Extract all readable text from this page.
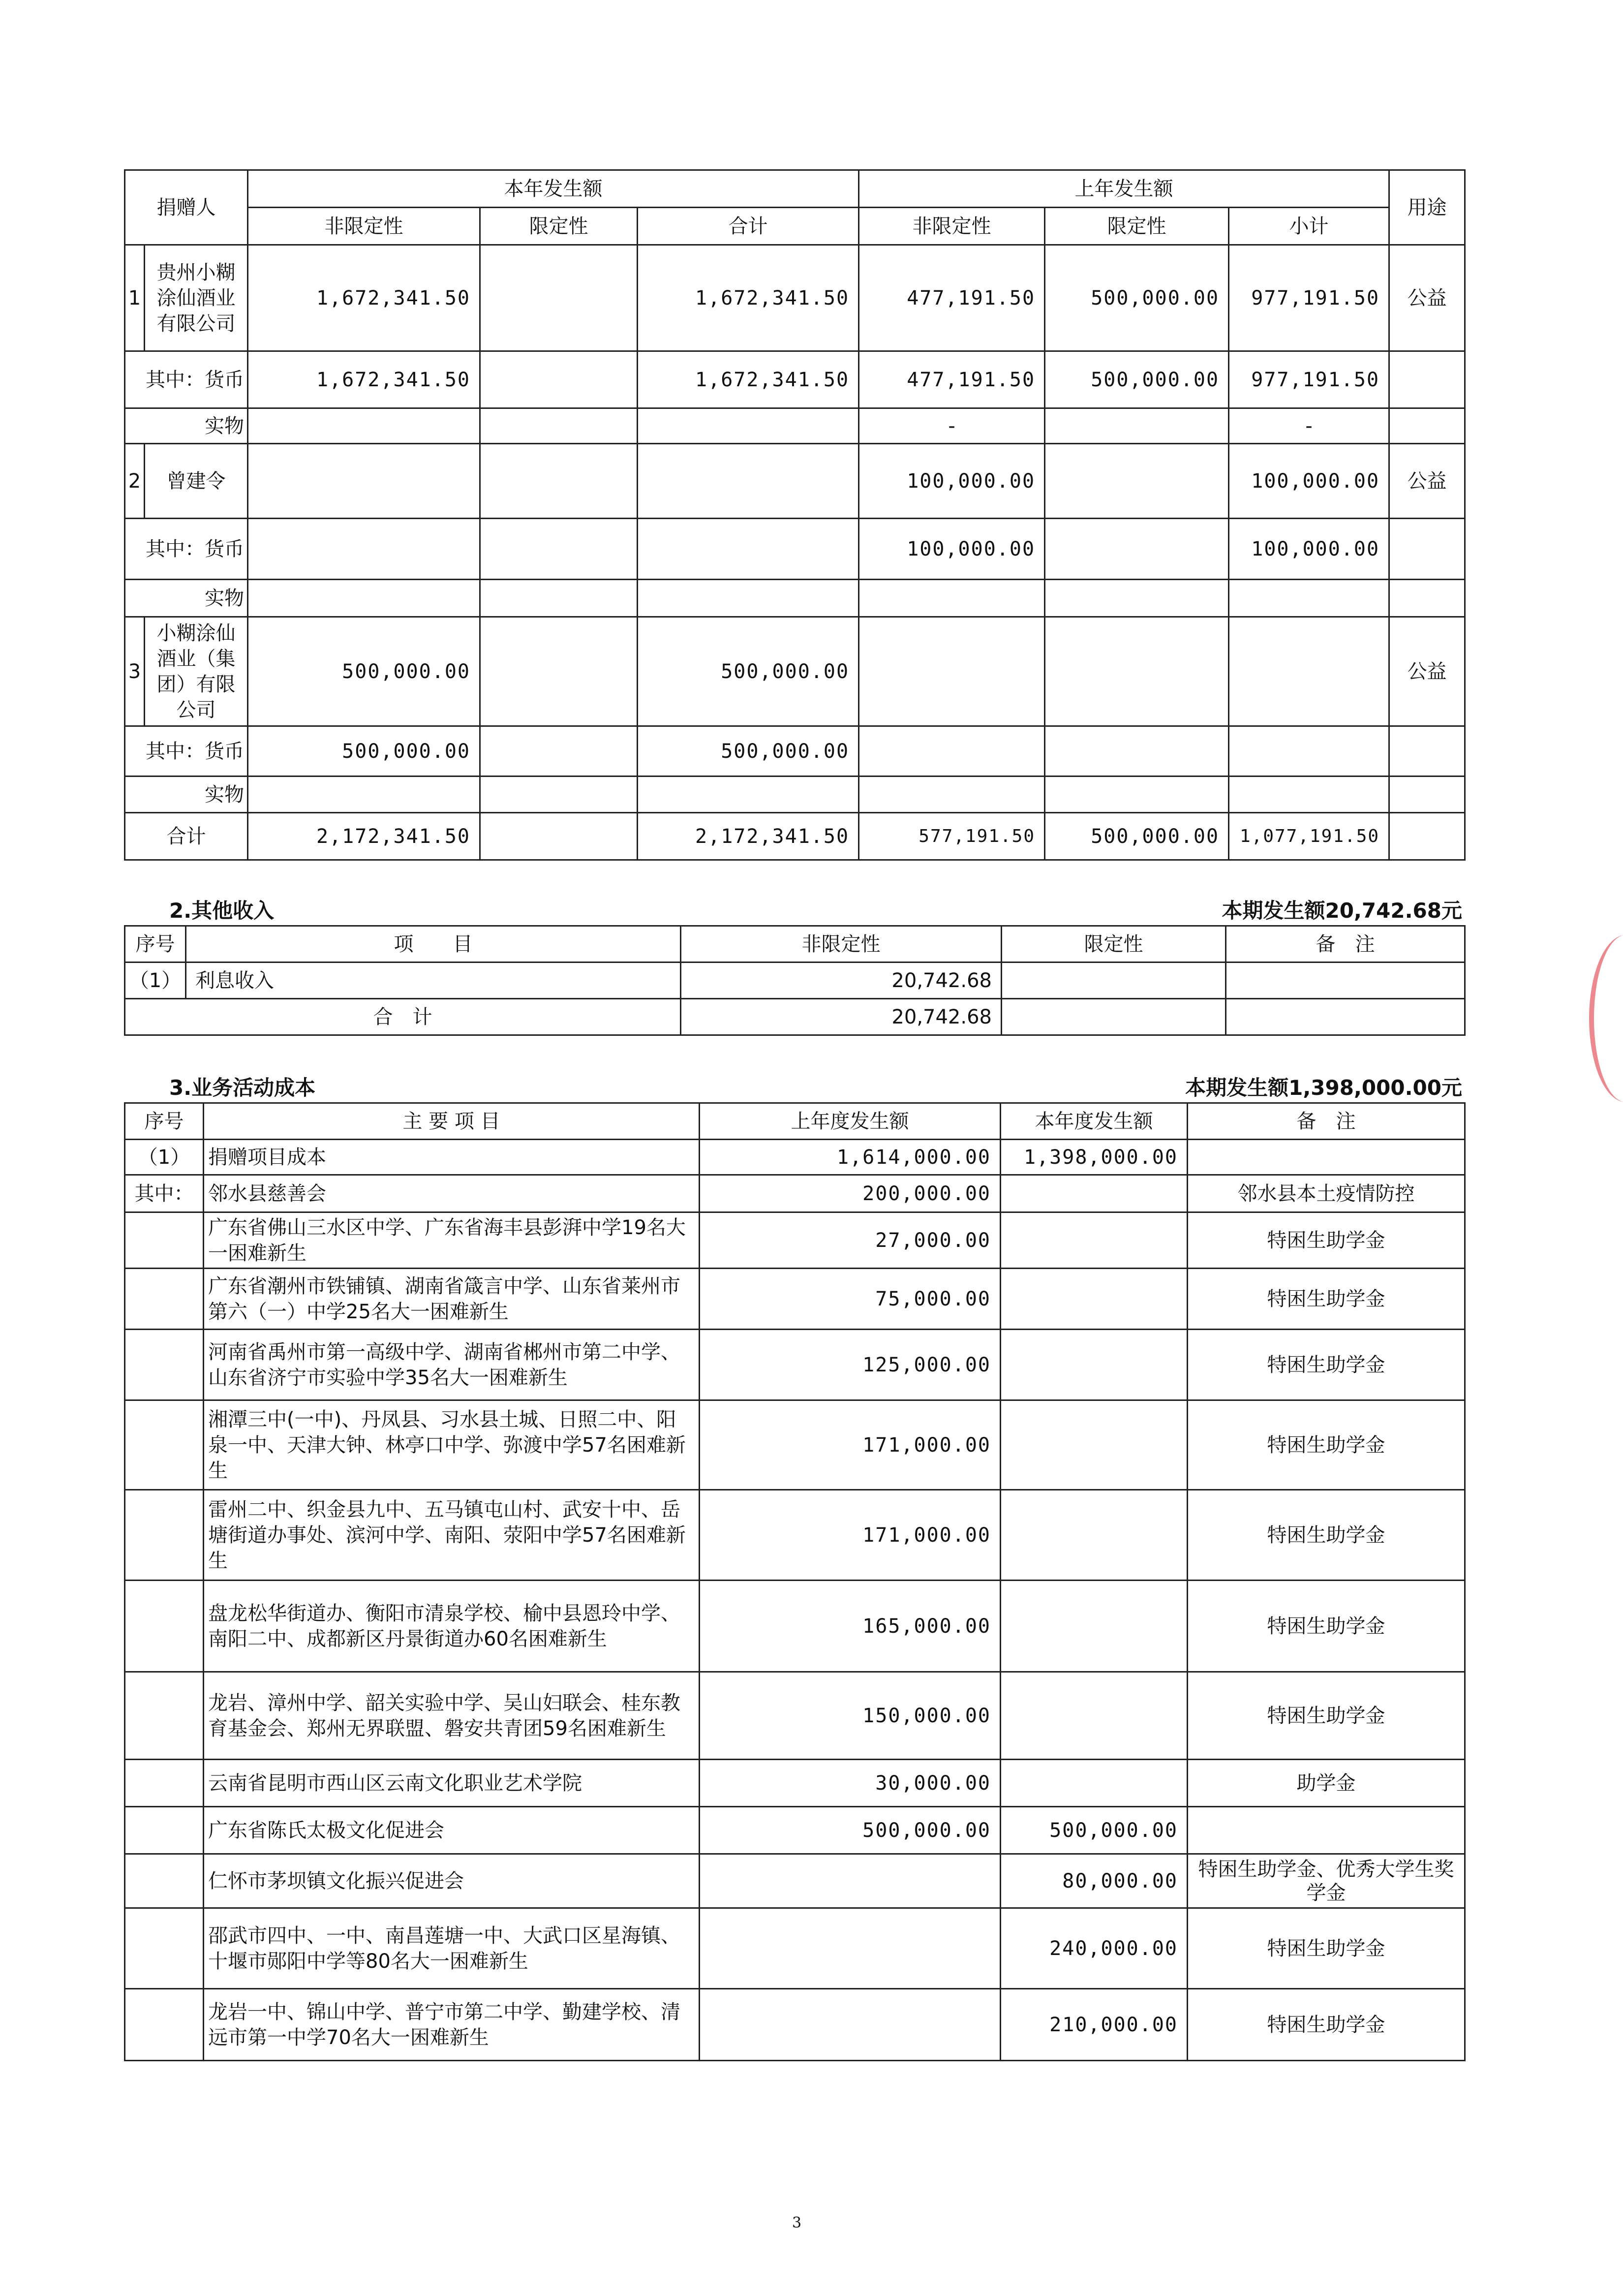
捐赠人		本年发生额			上年发生额			用途
		非限定性	限定性	合计	非限定性	限定性	小计	
1	贵州小糊涂仙酒业有限公司	1,672,341.50		1,672,341.50	477,191.50	500,000.00	977,191.50	公益
其中：货币		1,672,341.50		1,672,341.50	477,191.50	500,000.00	977,191.50	
实物					-		-	
2	曾建令				100,000.00		100,000.00	公益
其中：货币					100,000.00		100,000.00	
实物								
3	小糊涂仙酒业（集团）有限公司	500,000.00		500,000.00				公益
其中：货币		500,000.00		500,000.00				
实物								
合计		2,172,341.50		2,172,341.50	577,191.50	500,000.00	1,077,191.50	
2.其他收入	本期发生额20,742.68元
序号	项　　目	非限定性	限定性	备　注
（1）	利息收入	20,742.68		
合　计		20,742.68		
3.业务活动成本	本期发生额1,398,000.00元
序号	主 要 项 目	上年度发生额	本年度发生额	备　注
（1）	捐赠项目成本	1,614,000.00	1,398,000.00	
其中：	邻水县慈善会	200,000.00		邻水县本土疫情防控
	广东省佛山三水区中学、广东省海丰县彭湃中学19名大一困难新生	27,000.00		特困生助学金
	广东省潮州市铁铺镇、湖南省箴言中学、山东省莱州市第六（一）中学25名大一困难新生	75,000.00		特困生助学金
	河南省禹州市第一高级中学、湖南省郴州市第二中学、山东省济宁市实验中学35名大一困难新生	125,000.00		特困生助学金
	湘潭三中(一中)、丹凤县、习水县土城、日照二中、阳泉一中、天津大钟、林亭口中学、弥渡中学57名困难新生	171,000.00		特困生助学金
	雷州二中、织金县九中、五马镇屯山村、武安十中、岳塘街道办事处、滨河中学、南阳、荥阳中学57名困难新生	171,000.00		特困生助学金
	盘龙松华街道办、衡阳市清泉学校、榆中县恩玲中学、南阳二中、成都新区丹景街道办60名困难新生	165,000.00		特困生助学金
	龙岩、漳州中学、韶关实验中学、吴山妇联会、桂东教育基金会、郑州无界联盟、磐安共青团59名困难新生	150,000.00		特困生助学金
	云南省昆明市西山区云南文化职业艺术学院	30,000.00		助学金
	广东省陈氏太极文化促进会	500,000.00	500,000.00	
	仁怀市茅坝镇文化振兴促进会		80,000.00	特困生助学金、优秀大学生奖学金
	邵武市四中、一中、南昌莲塘一中、大武口区星海镇、十堰市郧阳中学等80名大一困难新生		240,000.00	特困生助学金
	龙岩一中、锦山中学、普宁市第二中学、勤建学校、清远市第一中学70名大一困难新生		210,000.00	特困生助学金
3
